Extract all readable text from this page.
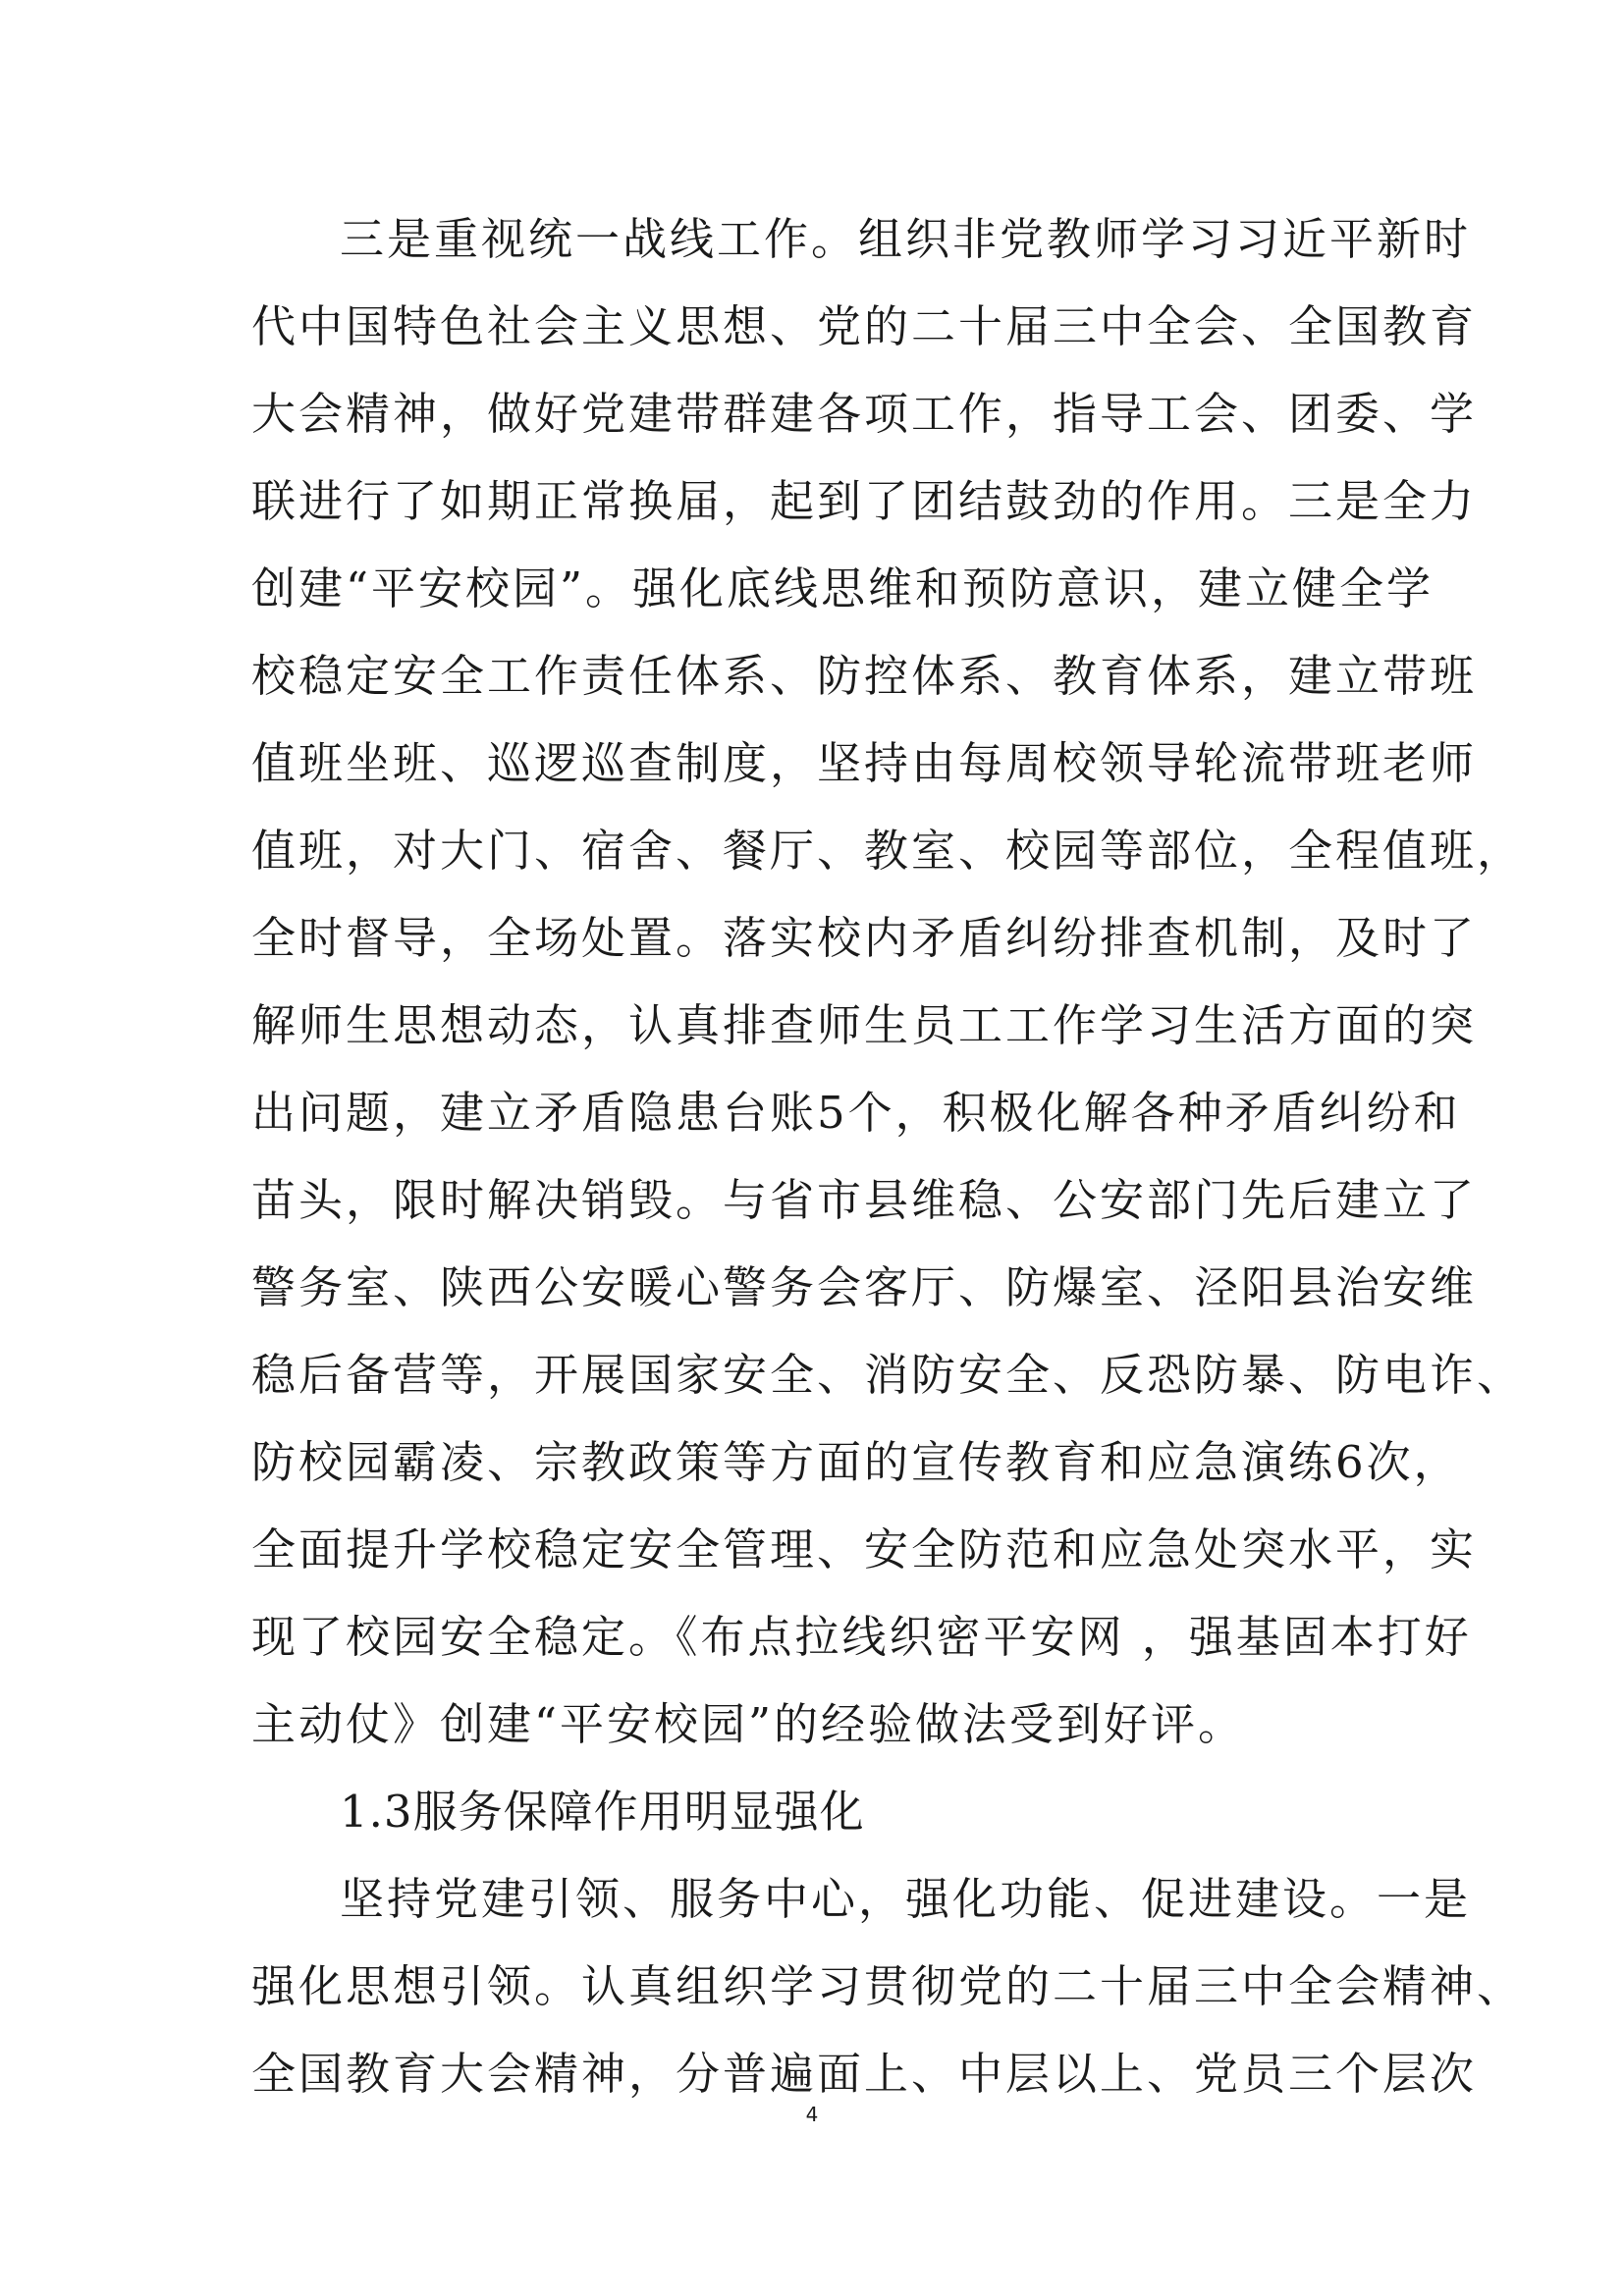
三是重视统一战线工作。组织非党教师学习习近平新时
代中国特色社会主义思想、党的二十届三中全会、全国教育
大会精神，做好党建带群建各项工作，指导工会、团委、学
联进行了如期正常换届，起到了团结鼓劲的作用。三是全力
创建“平安校园”。强化底线思维和预防意识，建立健全学
校稳定安全工作责任体系、防控体系、教育体系，建立带班
值班坐班、巡逻巡查制度，坚持由每周校领导轮流带班老师
值班，对大门、宿舍、餐厅、教室、校园等部位，全程值班，
全时督导，全场处置。落实校内矛盾纠纷排查机制，及时了
解师生思想动态，认真排查师生员工工作学习生活方面的突
出问题，建立矛盾隐患台账5个，积极化解各种矛盾纠纷和
苗头，限时解决销毁。与省市县维稳、公安部门先后建立了
警务室、陕西公安暖心警务会客厅、防爆室、泾阳县治安维
稳后备营等，开展国家安全、消防安全、反恐防暴、防电诈、
防校园霸凌、宗教政策等方面的宣传教育和应急演练6次，
全面提升学校稳定安全管理、安全防范和应急处突水平，实
现了校园安全稳定。《布点拉线织密平安网 ，强基固本打好
主动仗》创建“平安校园”的经验做法受到好评。
1.3服务保障作用明显强化
坚持党建引领、服务中心，强化功能、促进建设。一是
强化思想引领。认真组织学习贯彻党的二十届三中全会精神、
全国教育大会精神，分普遍面上、中层以上、党员三个层次
4
